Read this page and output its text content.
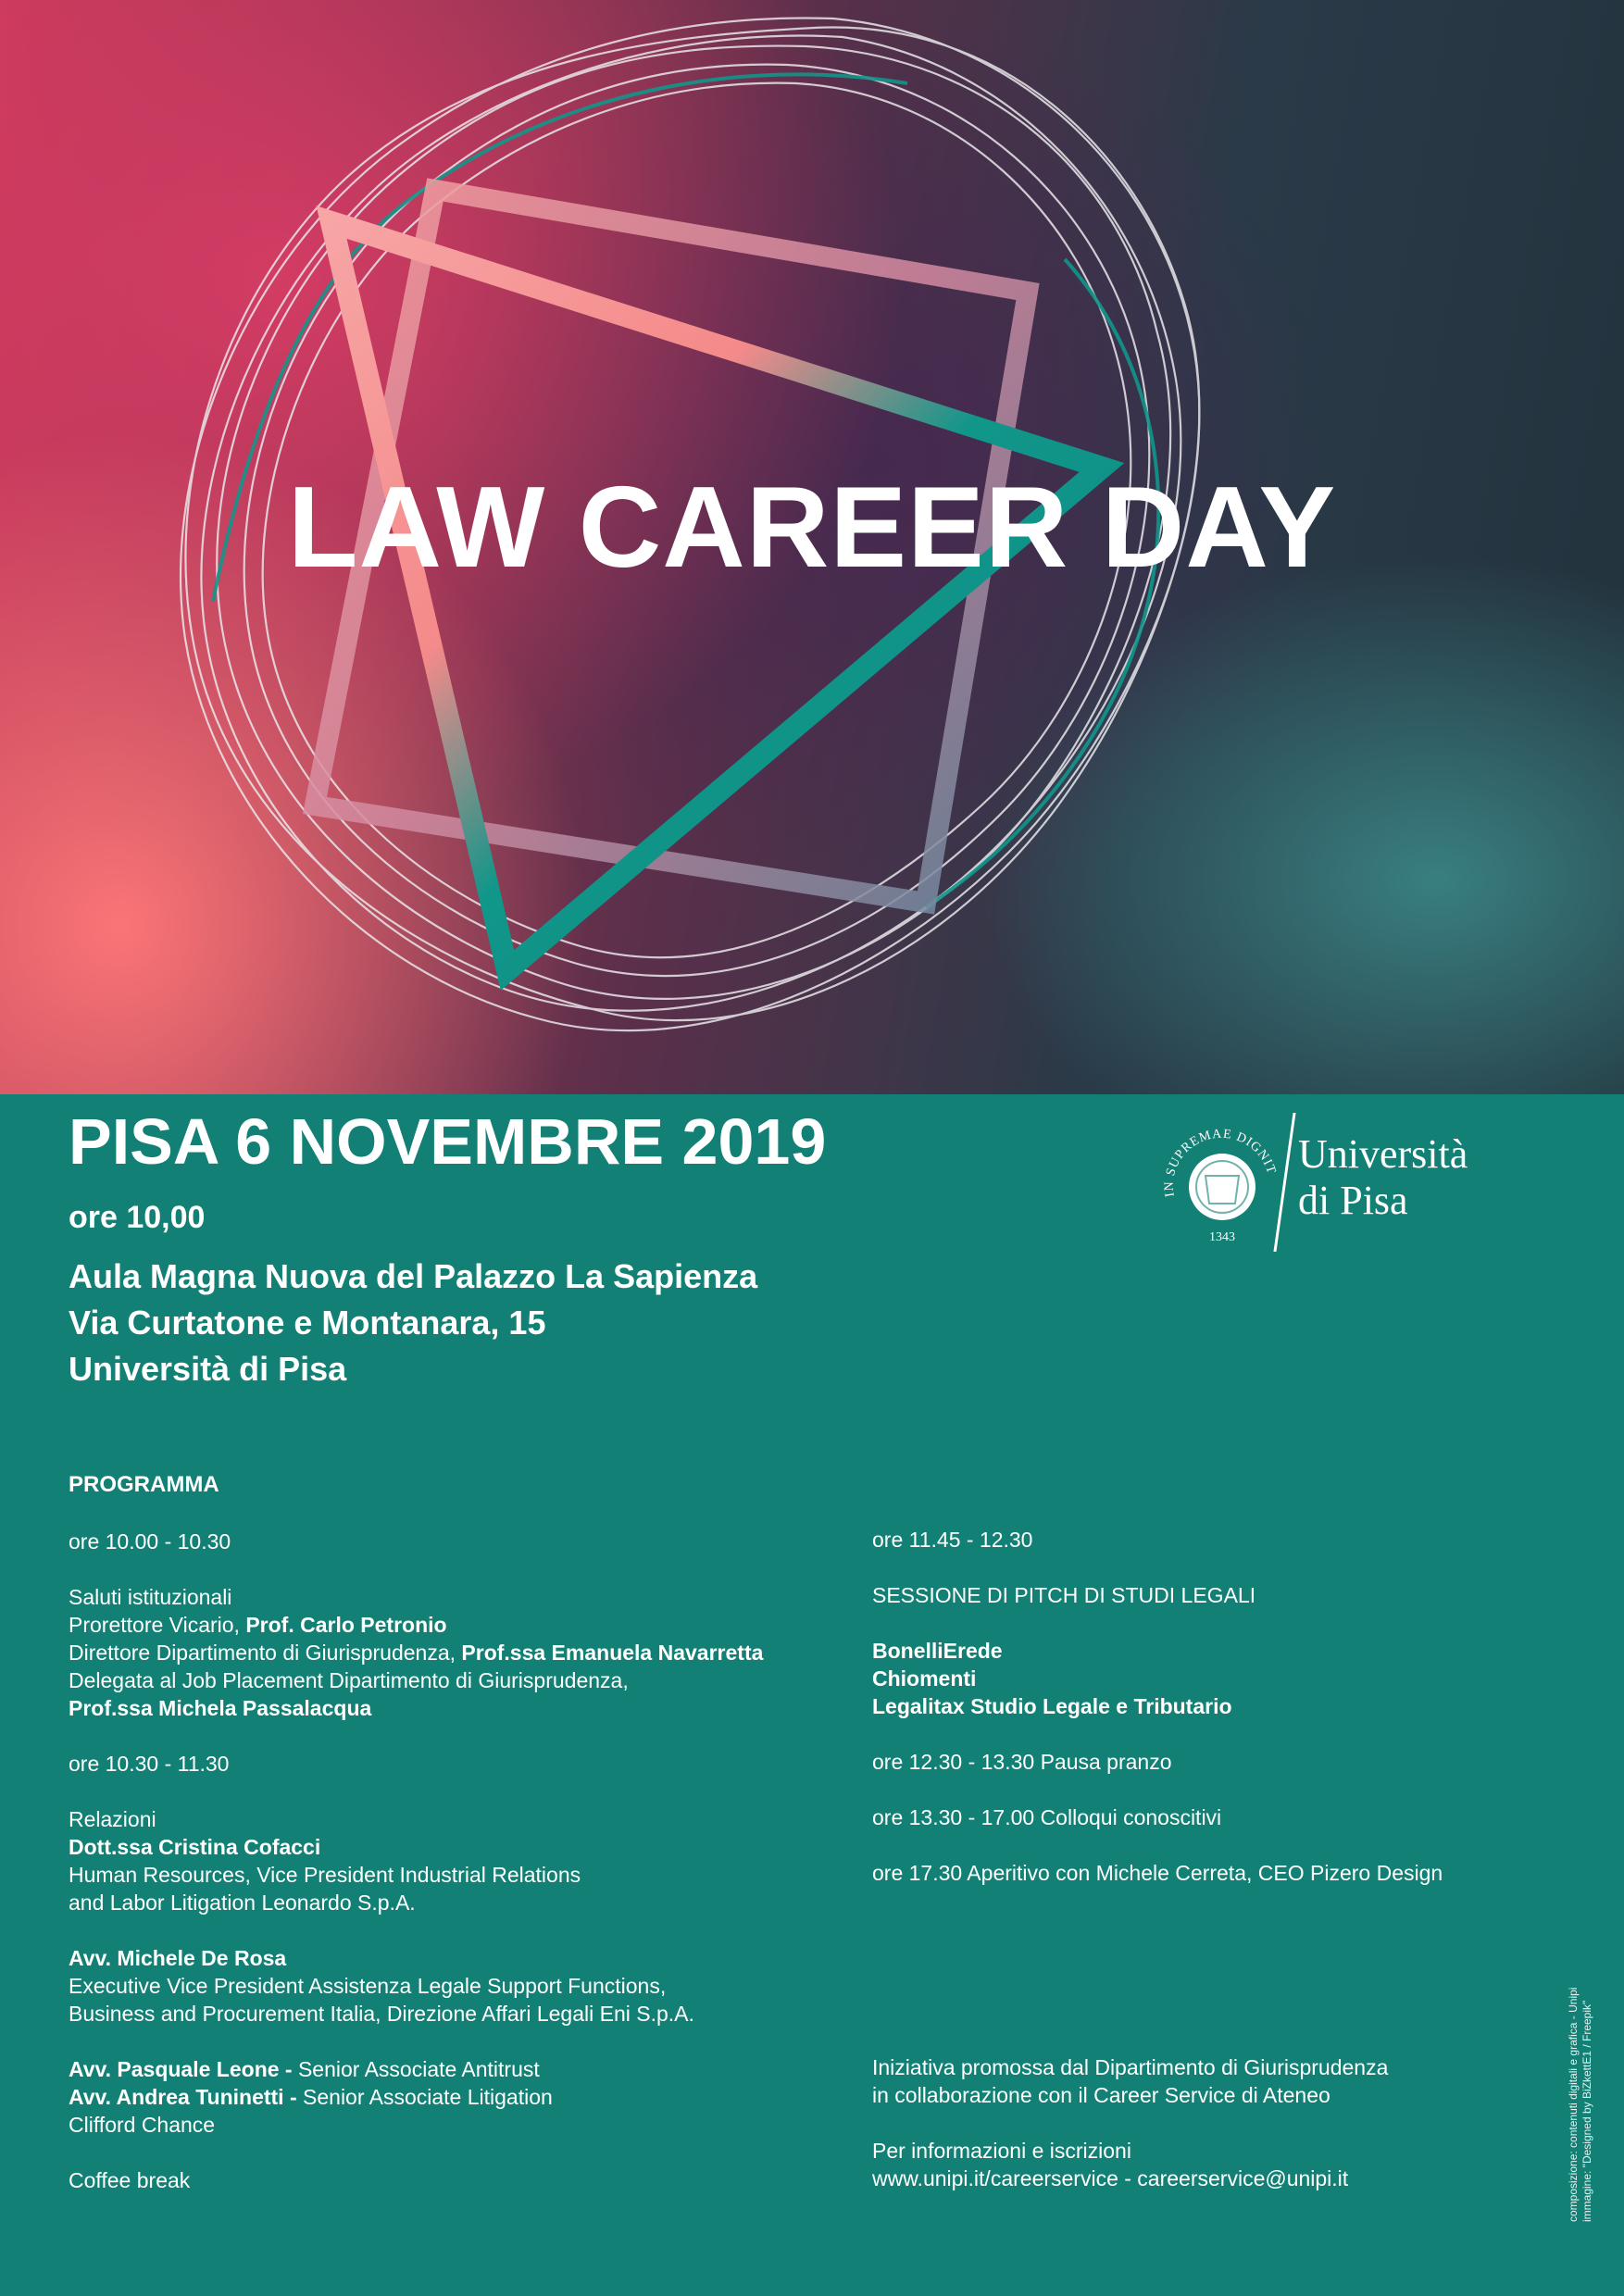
LAW CAREER DAY
PISA 6 NOVEMBRE 2019
ore 10,00
Aula Magna Nuova del Palazzo La Sapienza
Via Curtatone e Montanara, 15
Università di Pisa
IN SUPREMAE DIGNIT
1343
Università
di Pisa
PROGRAMMA
ore 10.00 - 10.30
Saluti istituzionali
Prorettore Vicario, Prof. Carlo Petronio
Direttore Dipartimento di Giurisprudenza, Prof.ssa Emanuela Navarretta
Delegata al Job Placement Dipartimento di Giurisprudenza,
Prof.ssa Michela Passalacqua
ore 10.30 - 11.30
Relazioni
Dott.ssa Cristina Cofacci
Human Resources, Vice President Industrial Relations
and Labor Litigation Leonardo S.p.A.
Avv. Michele De Rosa
Executive Vice President Assistenza Legale Support Functions,
Business and Procurement Italia, Direzione Affari Legali Eni S.p.A.
Avv. Pasquale Leone - Senior Associate Antitrust
Avv. Andrea Tuninetti - Senior Associate Litigation
Clifford Chance
Coffee break
ore 11.45 - 12.30
SESSIONE DI PITCH DI STUDI LEGALI
BonelliErede
Chiomenti
Legalitax Studio Legale e Tributario
ore 12.30 - 13.30 Pausa pranzo
ore 13.30 - 17.00 Colloqui conoscitivi
ore 17.30 Aperitivo con Michele Cerreta, CEO Pizero Design
Iniziativa promossa dal Dipartimento di Giurisprudenza
in collaborazione con il Career Service di Ateneo
Per informazioni e iscrizioni
www.unipi.it/careerservice - careerservice@unipi.it	composizione: contenuti digitali e grafica - Unipi immagine: "Designed by BiZkettE1 / Freepik"
